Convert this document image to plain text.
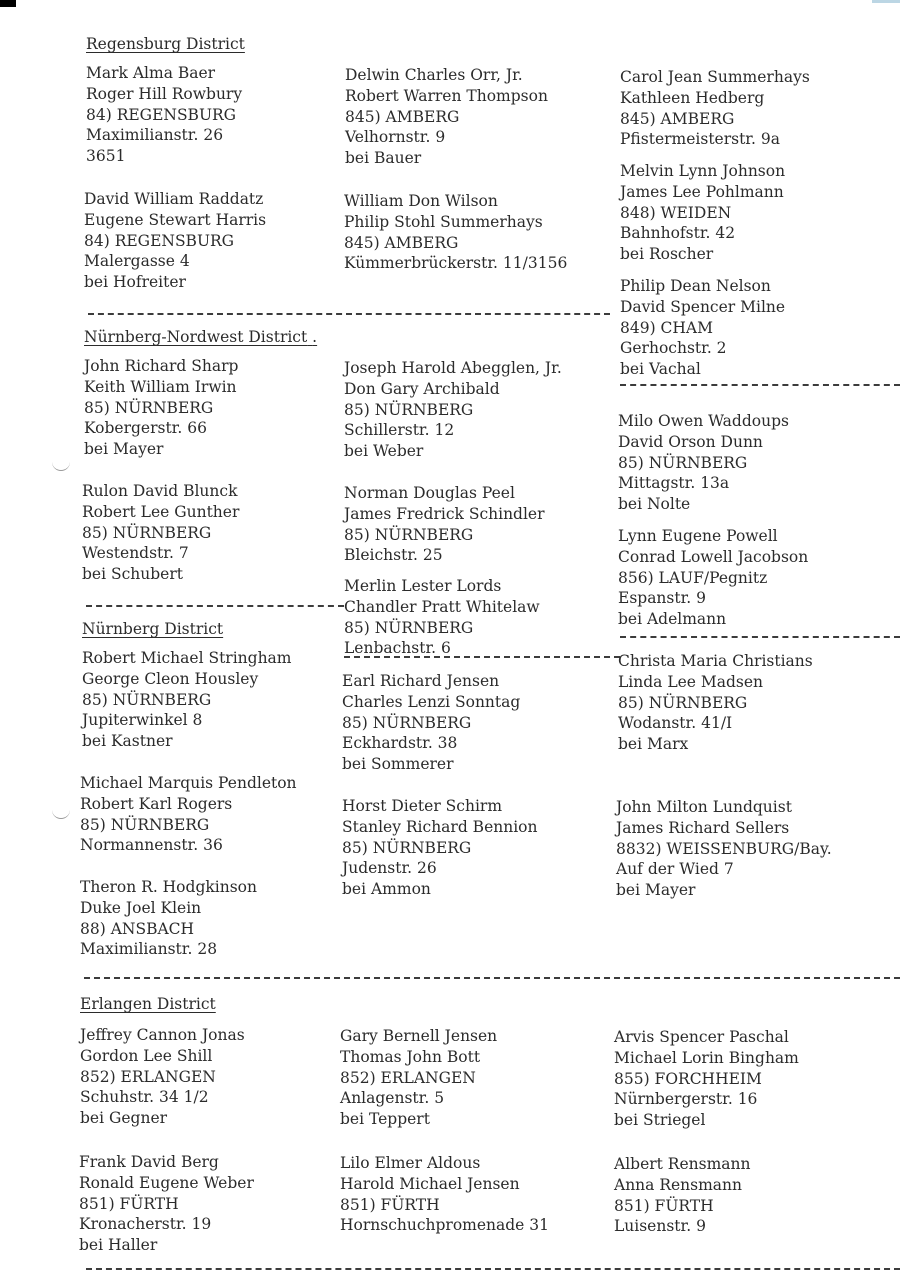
Regensburg District
Nürnberg-Nordwest District .
Nürnberg District
Erlangen District
Mark Alma Baer
Roger Hill Rowbury
84) REGENSBURG
Maximilianstr. 26
3651
David William Raddatz
Eugene Stewart Harris
84) REGENSBURG
Malergasse 4
bei Hofreiter
Delwin Charles Orr, Jr.
Robert Warren Thompson
845) AMBERG
Velhornstr. 9
bei Bauer
William Don Wilson
Philip Stohl Summerhays
845) AMBERG
Kümmerbrückerstr. 11/3156
Carol Jean Summerhays
Kathleen Hedberg
845) AMBERG
Pfistermeisterstr. 9a
Melvin Lynn Johnson
James Lee Pohlmann
848) WEIDEN
Bahnhofstr. 42
bei Roscher
Philip Dean Nelson
David Spencer Milne
849) CHAM
Gerhochstr. 2
bei Vachal
John Richard Sharp
Keith William Irwin
85) NÜRNBERG
Kobergerstr. 66
bei Mayer
Rulon David Blunck
Robert Lee Gunther
85) NÜRNBERG
Westendstr. 7
bei Schubert
Joseph Harold Abegglen, Jr.
Don Gary Archibald
85) NÜRNBERG
Schillerstr. 12
bei Weber
Norman Douglas Peel
James Fredrick Schindler
85) NÜRNBERG
Bleichstr. 25
Merlin Lester Lords
Chandler Pratt Whitelaw
85) NÜRNBERG
Lenbachstr. 6
Milo Owen Waddoups
David Orson Dunn
85) NÜRNBERG
Mittagstr. 13a
bei Nolte
Lynn Eugene Powell
Conrad Lowell Jacobson
856) LAUF/Pegnitz
Espanstr. 9
bei Adelmann
Robert Michael Stringham
George Cleon Housley
85) NÜRNBERG
Jupiterwinkel 8
bei Kastner
Michael Marquis Pendleton
Robert Karl Rogers
85) NÜRNBERG
Normannenstr. 36
Theron R. Hodgkinson
Duke Joel Klein
88) ANSBACH
Maximilianstr. 28
Earl Richard Jensen
Charles Lenzi Sonntag
85) NÜRNBERG
Eckhardstr. 38
bei Sommerer
Horst Dieter Schirm
Stanley Richard Bennion
85) NÜRNBERG
Judenstr. 26
bei Ammon
Christa Maria Christians
Linda Lee Madsen
85) NÜRNBERG
Wodanstr. 41/I
bei Marx
John Milton Lundquist
James Richard Sellers
8832) WEISSENBURG/Bay.
Auf der Wied 7
bei Mayer
Jeffrey Cannon Jonas
Gordon Lee Shill
852) ERLANGEN
Schuhstr. 34 1/2
bei Gegner
Frank David Berg
Ronald Eugene Weber
851) FÜRTH
Kronacherstr. 19
bei Haller
Gary Bernell Jensen
Thomas John Bott
852) ERLANGEN
Anlagenstr. 5
bei Teppert
Lilo Elmer Aldous
Harold Michael Jensen
851) FÜRTH
Hornschuchpromenade 31
Arvis Spencer Paschal
Michael Lorin Bingham
855) FORCHHEIM
Nürnbergerstr. 16
bei Striegel
Albert Rensmann
Anna Rensmann
851) FÜRTH
Luisenstr. 9
